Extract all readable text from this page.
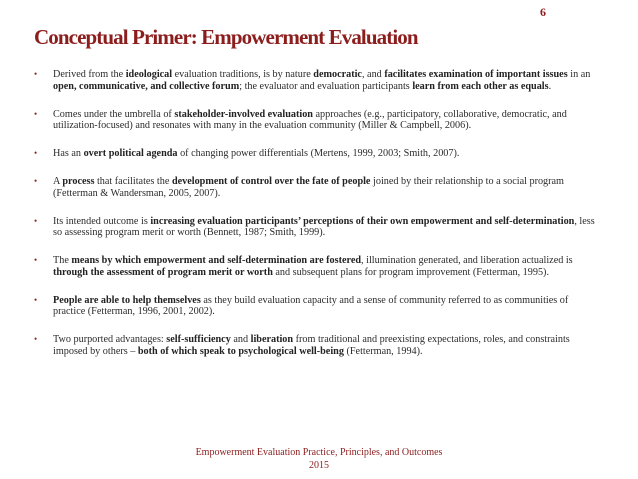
6
Conceptual Primer: Empowerment Evaluation
• Derived from the ideological evaluation traditions, is by nature democratic, and facilitates examination of important issues in an open, communicative, and collective forum; the evaluator and evaluation participants learn from each other as equals.
• Comes under the umbrella of stakeholder-involved evaluation approaches (e.g., participatory, collaborative, democratic, and utilization-focused) and resonates with many in the evaluation community (Miller & Campbell, 2006).
• Has an overt political agenda of changing power differentials (Mertens, 1999, 2003; Smith, 2007).
• A process that facilitates the development of control over the fate of people joined by their relationship to a social program (Fetterman & Wandersman, 2005, 2007).
• Its intended outcome is increasing evaluation participants’ perceptions of their own empowerment and self-determination, less so assessing program merit or worth (Bennett, 1987; Smith, 1999).
• The means by which empowerment and self-determination are fostered, illumination generated, and liberation actualized is through the assessment of program merit or worth and subsequent plans for program improvement (Fetterman, 1995).
• People are able to help themselves as they build evaluation capacity and a sense of community referred to as communities of practice (Fetterman, 1996, 2001, 2002).
• Two purported advantages: self-sufficiency and liberation from traditional and preexisting expectations, roles, and constraints imposed by others – both of which speak to psychological well-being (Fetterman, 1994).
Empowerment Evaluation Practice, Principles, and Outcomes
2015
